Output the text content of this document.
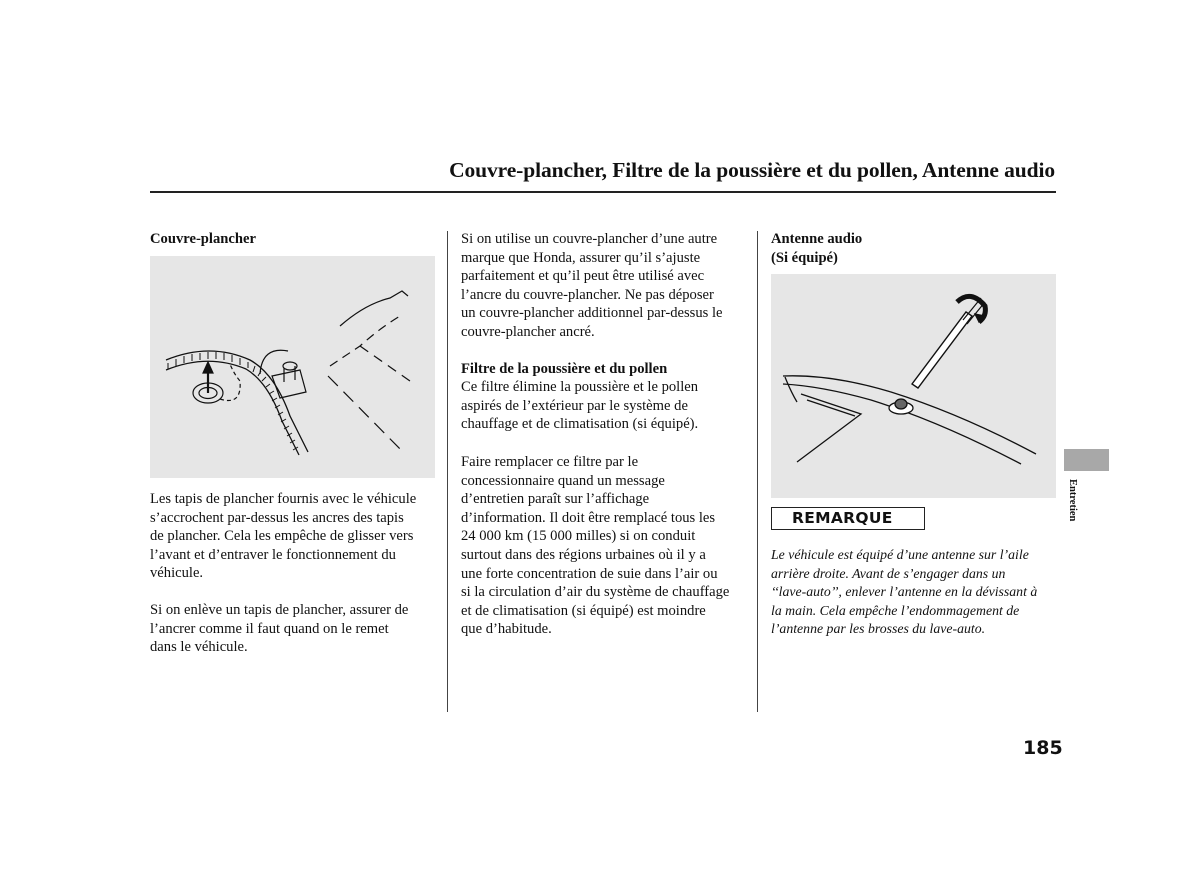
Couvre-plancher, Filtre de la poussière et du pollen, Antenne audio
Couvre-plancher
Les tapis de plancher fournis avec le véhicule
s’accrochent par-dessus les ancres des tapis
de plancher. Cela les empêche de glisser vers
l’avant et d’entraver le fonctionnement du
véhicule.
Si on enlève un tapis de plancher, assurer de
l’ancrer comme il faut quand on le remet
dans le véhicule.
Si on utilise un couvre-plancher d’une autre
marque que Honda, assurer qu’il s’ajuste
parfaitement et qu’il peut être utilisé avec
l’ancre du couvre-plancher. Ne pas déposer
un couvre-plancher additionnel par-dessus le
couvre-plancher ancré.
Filtre de la poussière et du pollen
Ce filtre élimine la poussière et le pollen
aspirés de l’extérieur par le système de
chauffage et de climatisation (si équipé).
Faire remplacer ce filtre par le
concessionnaire quand un message
d’entretien paraît sur l’affichage
d’information. Il doit être remplacé tous les
24 000 km (15 000 milles) si on conduit
surtout dans des régions urbaines où il y a
une forte concentration de suie dans l’air ou
si la circulation d’air du système de chauffage
et de climatisation (si équipé) est moindre
que d’habitude.
Antenne audio
(Si équipé)
REMARQUE
Le véhicule est équipé d’une antenne sur l’aile
arrière droite. Avant de s’engager dans un
‘‘lave-auto’’, enlever l’antenne en la dévissant à
la main. Cela empêche l’endommagement de
l’antenne par les brosses du lave-auto.
Entretien
185
